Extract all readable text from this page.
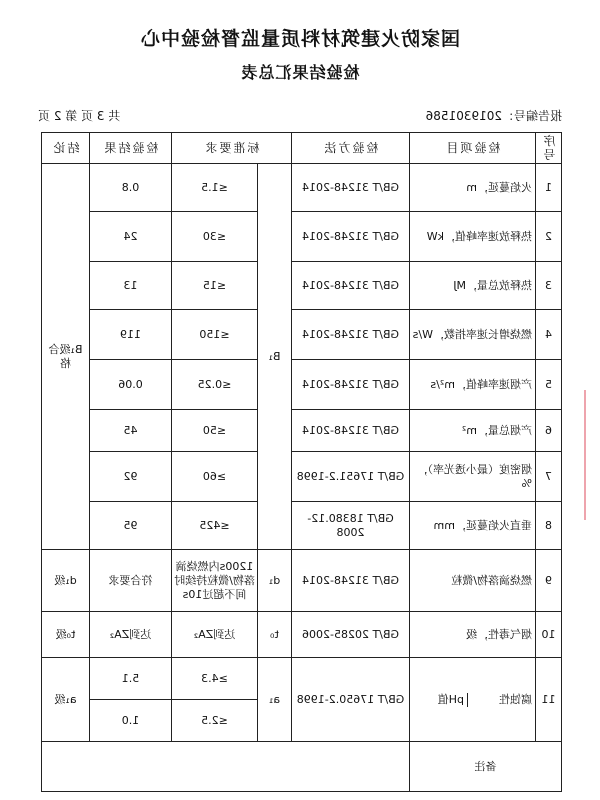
国家防火建筑材料质量监督检验中心
检验结果汇总表
报告编号：2019301586
共 3 页 第 2 页
序号	检验项目	检验方法	标准要求		检验结果	结论
1	火焰蔓延，m	GB/T 31248-2014	B₁	≤1.5	0.8	B₁级合格
2	热释放速率峰值，kW	GB/T 31248-2014		≤30	24	
3	热释放总量，MJ	GB/T 31248-2014		≤15	13	
4	燃烧增长速率指数，W/s	GB/T 31248-2014		≤150	119	
5	产烟速率峰值，m²/s	GB/T 31248-2014		≤0.25	0.06	
6	产烟总量，m²	GB/T 31248-2014		≤50	45	
7	烟密度（最小透光率），%	GB/T 17651.2-1998		≥60	92	
8	垂直火焰蔓延，mm	GB/T 18380.12-2008		≤425	95	
9	燃烧滴落物/微粒	GB/T 31248-2014	d₁	1200s内燃烧滴落物/微粒持续时间不超过10s	符合要求	d₁级
10	烟气毒性，级	GB/T 20285-2006	t₀	达到ZA₂	达到ZA₂	t₀级
11	腐蚀性
pH值	GB/T 17650.2-1998	a₁	≥4.3	5.1	a₁级
				≤2.5	1.0	
备注						
